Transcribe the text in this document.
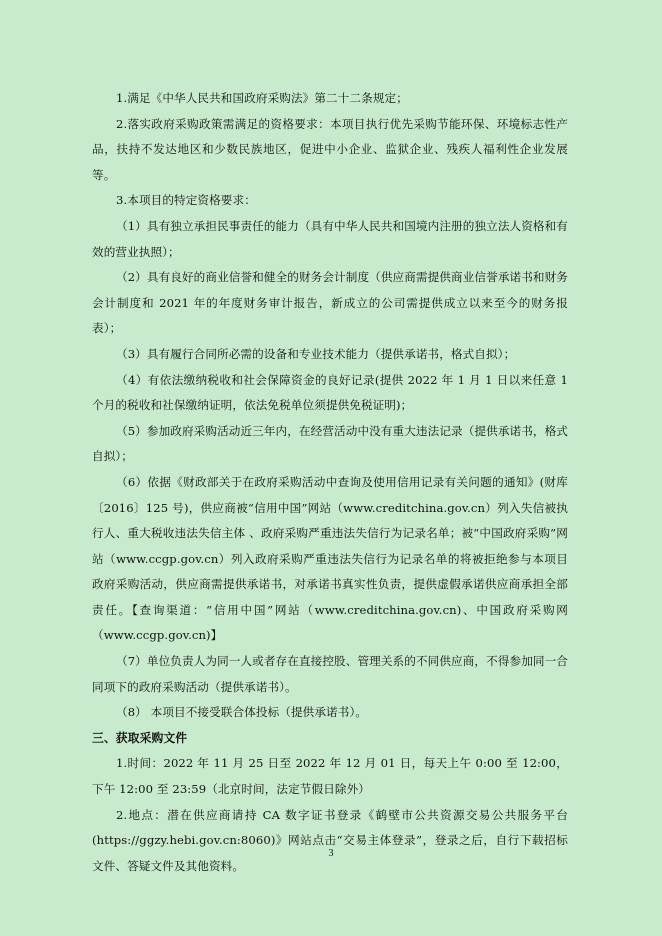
1.满足《中华人民共和国政府采购法》第二十二条规定；

2.落实政府采购政策需满足的资格要求：本项目执行优先采购节能环保、环境标志性产品，扶持不发达地区和少数民族地区，促进中小企业、监狱企业、残疾人福利性企业发展等。

3.本项目的特定资格要求：

（1）具有独立承担民事责任的能力（具有中华人民共和国境内注册的独立法人资格和有效的营业执照）；

（2）具有良好的商业信誉和健全的财务会计制度（供应商需提供商业信誉承诺书和财务会计制度和 2021 年的年度财务审计报告，新成立的公司需提供成立以来至今的财务报表）；

（3）具有履行合同所必需的设备和专业技术能力（提供承诺书，格式自拟）；

（4）有依法缴纳税收和社会保障资金的良好记录(提供 2022 年 1 月 1 日以来任意 1 个月的税收和社保缴纳证明，依法免税单位须提供免税证明)；

（5）参加政府采购活动近三年内，在经营活动中没有重大违法记录（提供承诺书，格式自拟）；

（6）依据《财政部关于在政府采购活动中查询及使用信用记录有关问题的通知》(财库〔2016〕125 号)，供应商被“信用中国”网站（www.creditchina.gov.cn）列入失信被执行人、重大税收违法失信主体 、政府采购严重违法失信行为记录名单；被“中国政府采购”网站（www.ccgp.gov.cn）列入政府采购严重违法失信行为记录名单的将被拒绝参与本项目政府采购活动，供应商需提供承诺书，对承诺书真实性负责，提供虚假承诺供应商承担全部责任。【查询渠道：“信用中国”网站（www.creditchina.gov.cn)、中国政府采购网（www.ccgp.gov.cn)】

（7）单位负责人为同一人或者存在直接控股、管理关系的不同供应商，不得参加同一合同项下的政府采购活动（提供承诺书）。

（8） 本项目不接受联合体投标（提供承诺书）。

三、获取采购文件

1.时间：2022 年 11 月 25 日至 2022 年 12 月 01 日，每天上午 0:00 至 12:00，下午 12:00 至 23:59（北京时间，法定节假日除外）

2.地点：潜在供应商请持 CA 数字证书登录《鹤壁市公共资源交易公共服务平台(https://ggzy.hebi.gov.cn:8060)》网站点击“交易主体登录”，登录之后，自行下载招标文件、答疑文件及其他资料。

3
